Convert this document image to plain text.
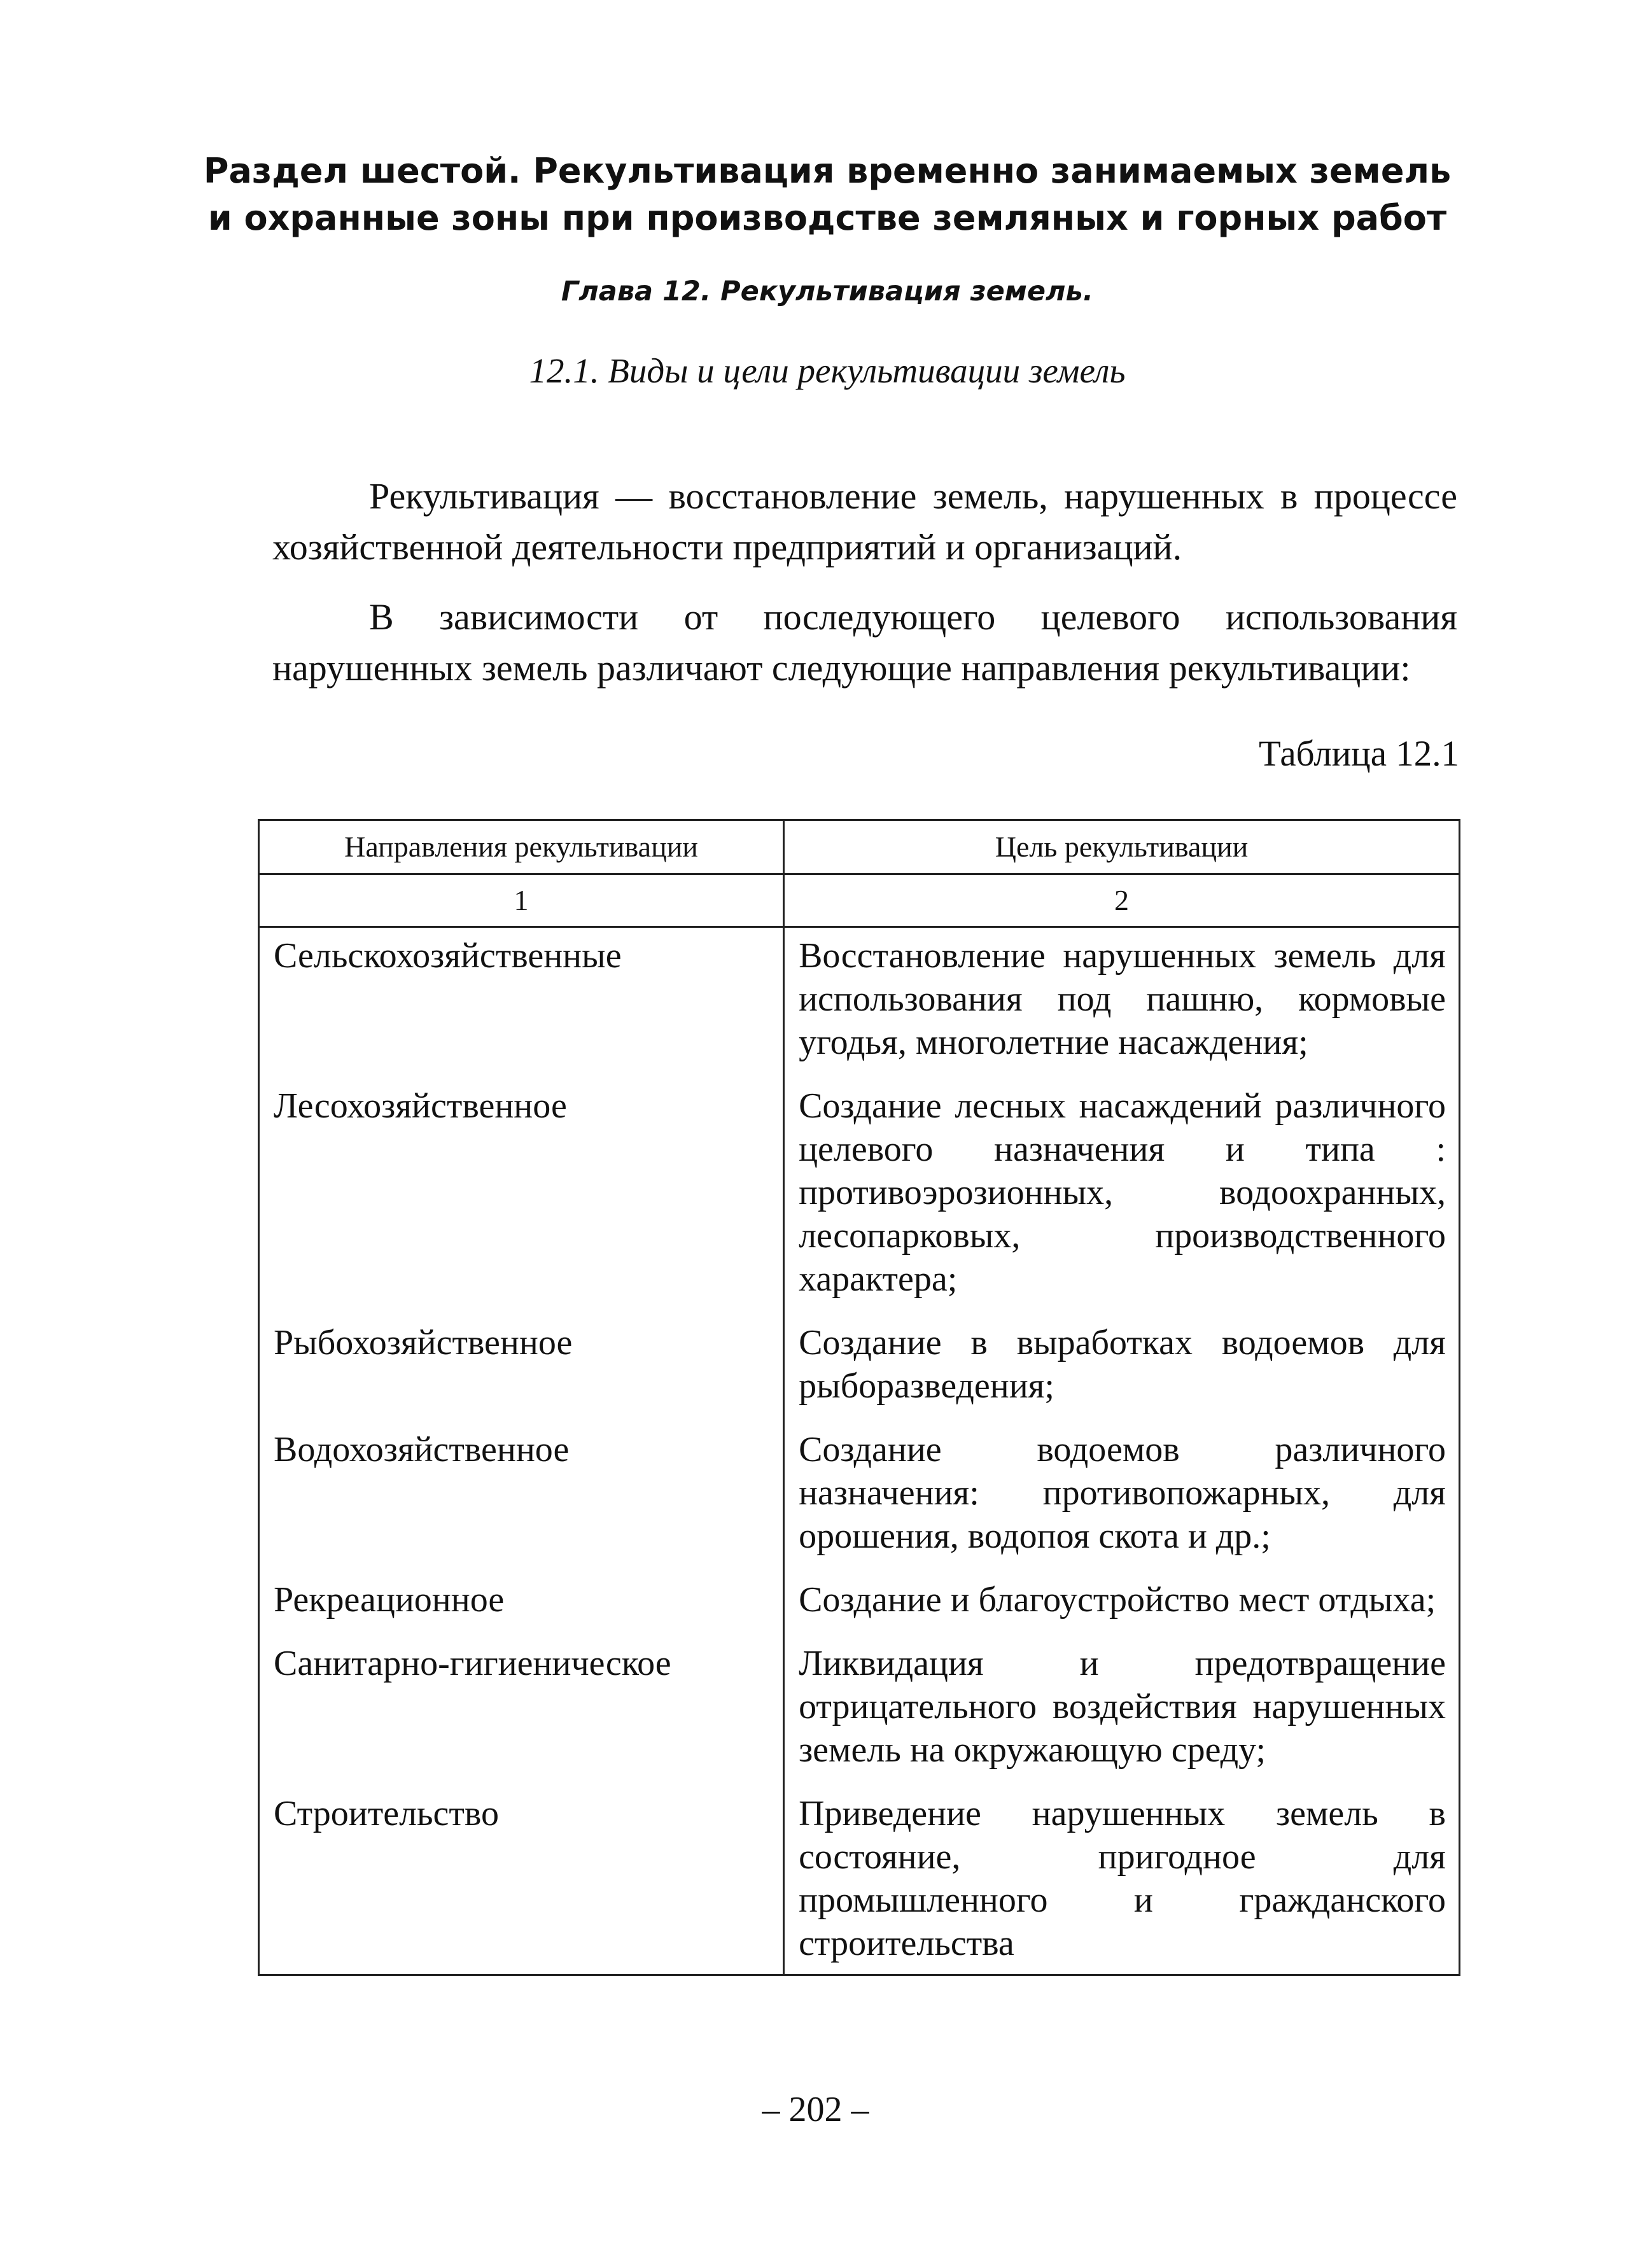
Раздел шестой. Рекультивация временно занимаемых земель
и охранные зоны при производстве земляных и горных работ
Глава 12. Рекультивация земель.
12.1. Виды и цели рекультивации земель

Рекультивация — восстановление земель, нарушенных в процессе хозяйственной деятельности предприятий и организаций.

В зависимости от последующего целевого использования нарушенных земель различают следующие направления рекультивации:

Таблица 12.1
Направления рекультивации	Цель рекультивации
1	2
Сельскохозяйственные	Восстановление нарушенных земель для использования под пашню, кормовые угодья, многолетние насаждения;
Лесохозяйственное	Создание лесных насаждений различного целевого назначения и типа : противоэрозионных, водоохранных, лесопарковых, производственного характера;
Рыбохозяйственное	Создание в выработках водоемов для рыборазведения;
Водохозяйственное	Создание водоемов различного назначения: противопожарных, для орошения, водопоя скота и др.;
Рекреационное	Создание и благоустройство мест отдыха;
Санитарно-гигиеническое	Ликвидация и предотвращение отрицательного воздействия нарушенных земель на окружающую среду;
Строительство	Приведение нарушенных земель в состояние, пригодное для промышленного и гражданского строительства
– 202 –
